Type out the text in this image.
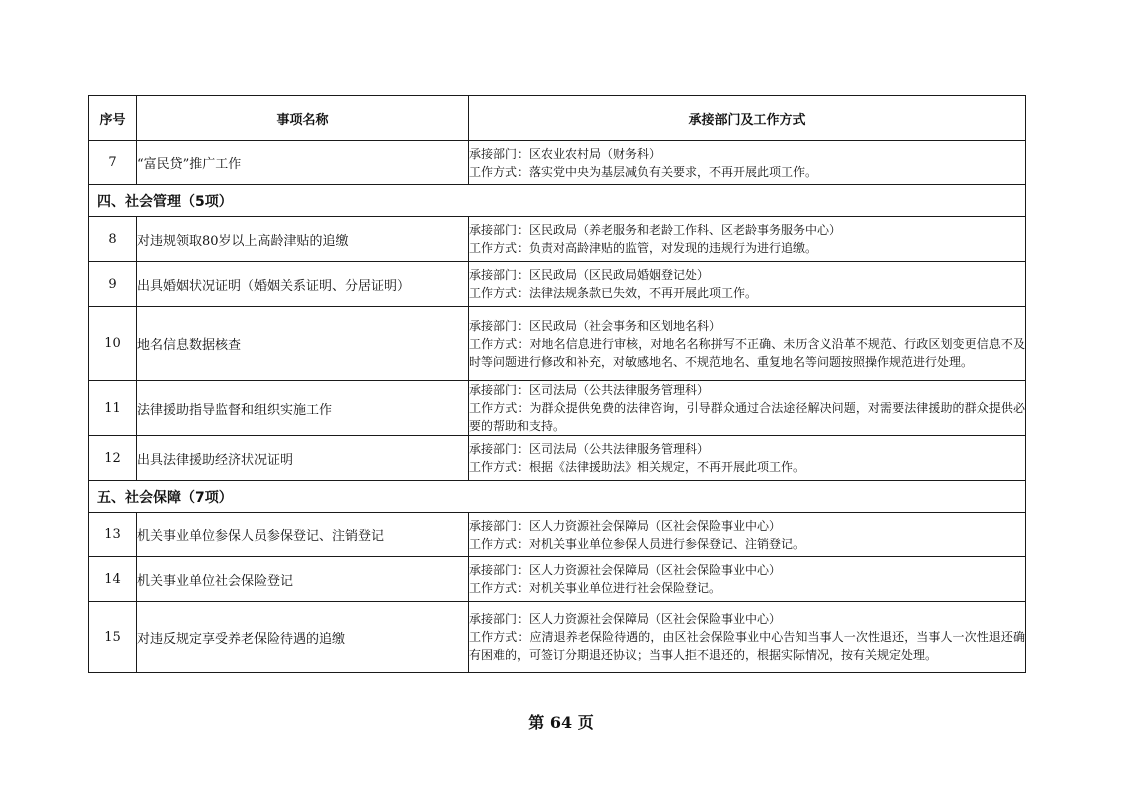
序号	事项名称	承接部门及工作方式
7	“富民贷”推广工作	承接部门：区农业农村局（财务科）
工作方式：落实党中央为基层减负有关要求，不再开展此项工作。

四、社会管理（5项）		
8	对违规领取80岁以上高龄津贴的追缴	承接部门：区民政局（养老服务和老龄工作科、区老龄事务服务中心）
工作方式：负责对高龄津贴的监管，对发现的违规行为进行追缴。

9	出具婚姻状况证明（婚姻关系证明、分居证明）	承接部门：区民政局（区民政局婚姻登记处）
工作方式：法律法规条款已失效，不再开展此项工作。

10	地名信息数据核查	承接部门：区民政局（社会事务和区划地名科）
工作方式：对地名信息进行审核，对地名名称拼写不正确、未历含义沿革不规范、行政区划变更信息不及时等问题进行修改和补充，对敏感地名、不规范地名、重复地名等问题按照操作规范进行处理。

11	法律援助指导监督和组织实施工作	承接部门：区司法局（公共法律服务管理科）
工作方式：为群众提供免费的法律咨询，引导群众通过合法途径解决问题，对需要法律援助的群众提供必要的帮助和支持。

12	出具法律援助经济状况证明	承接部门：区司法局（公共法律服务管理科）
工作方式：根据《法律援助法》相关规定，不再开展此项工作。

五、社会保障（7项）		
13	机关事业单位参保人员参保登记、注销登记	承接部门：区人力资源社会保障局（区社会保险事业中心）
工作方式：对机关事业单位参保人员进行参保登记、注销登记。

14	机关事业单位社会保险登记	承接部门：区人力资源社会保障局（区社会保险事业中心）
工作方式：对机关事业单位进行社会保险登记。

15	对违反规定享受养老保险待遇的追缴	承接部门：区人力资源社会保障局（区社会保险事业中心）
工作方式：应清退养老保险待遇的，由区社会保险事业中心告知当事人一次性退还，当事人一次性退还确有困难的，可签订分期退还协议；当事人拒不退还的，根据实际情况，按有关规定处理。
第 64 页
